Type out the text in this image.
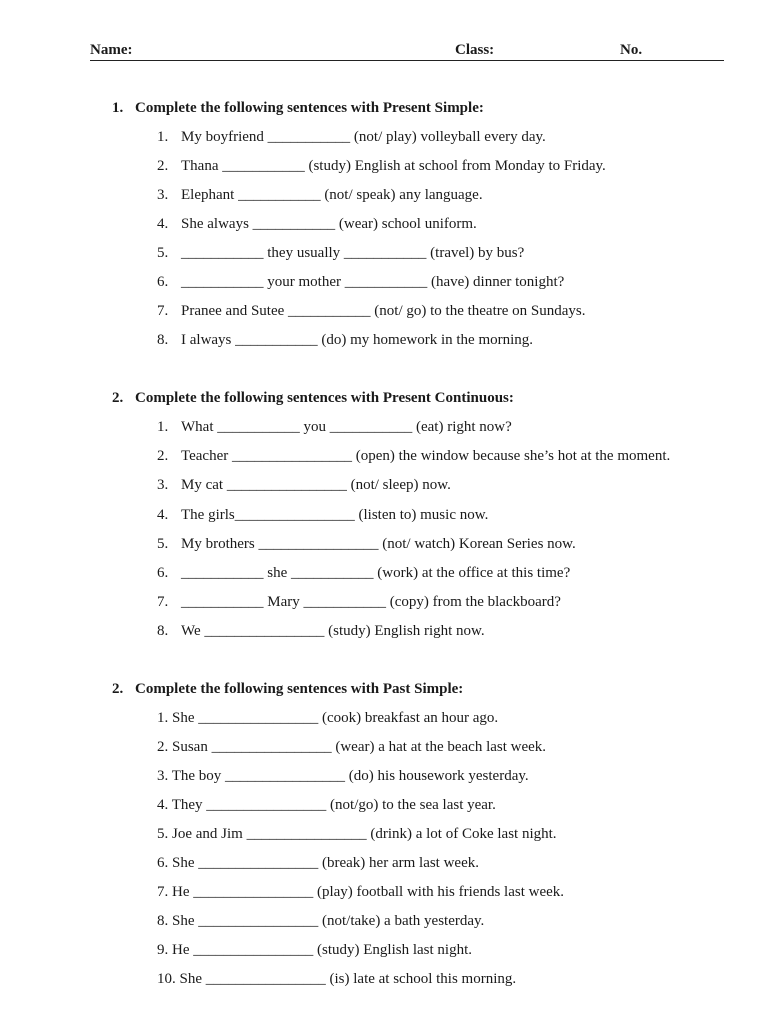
Name:	Class:	No.
1. Complete the following sentences with Present Simple:
1. My boyfriend ___________ (not/ play) volleyball every day.
2. Thana ___________ (study) English at school from Monday to Friday.
3. Elephant ___________ (not/ speak) any language.
4. She always ___________ (wear) school uniform.
5. ___________ they usually ___________ (travel) by bus?
6. ___________ your mother ___________ (have) dinner tonight?
7. Pranee and Sutee ___________ (not/ go) to the theatre on Sundays.
8. I always ___________ (do) my homework in the morning.
2. Complete the following sentences with Present Continuous:
1. What ___________ you ___________ (eat) right now?
2. Teacher ________________ (open) the window because she’s hot at the moment.
3. My cat ________________ (not/ sleep) now.
4. The girls________________ (listen to) music now.
5. My brothers ________________ (not/ watch) Korean Series now.
6. ___________ she ___________ (work) at the office at this time?
7. ___________ Mary ___________ (copy) from the blackboard?
8. We ________________ (study) English right now.
2. Complete the following sentences with Past Simple:
1. She ________________ (cook) breakfast an hour ago.
2. Susan ________________ (wear) a hat at the beach last week.
3. The boy ________________ (do) his housework yesterday.
4. They ________________ (not/go) to the sea last year.
5. Joe and Jim ________________ (drink) a lot of Coke last night.
6. She ________________ (break) her arm last week.
7. He ________________ (play) football with his friends last week.
8. She ________________ (not/take) a bath yesterday.
9. He ________________ (study) English last night.
10. She ________________ (is) late at school this morning.
